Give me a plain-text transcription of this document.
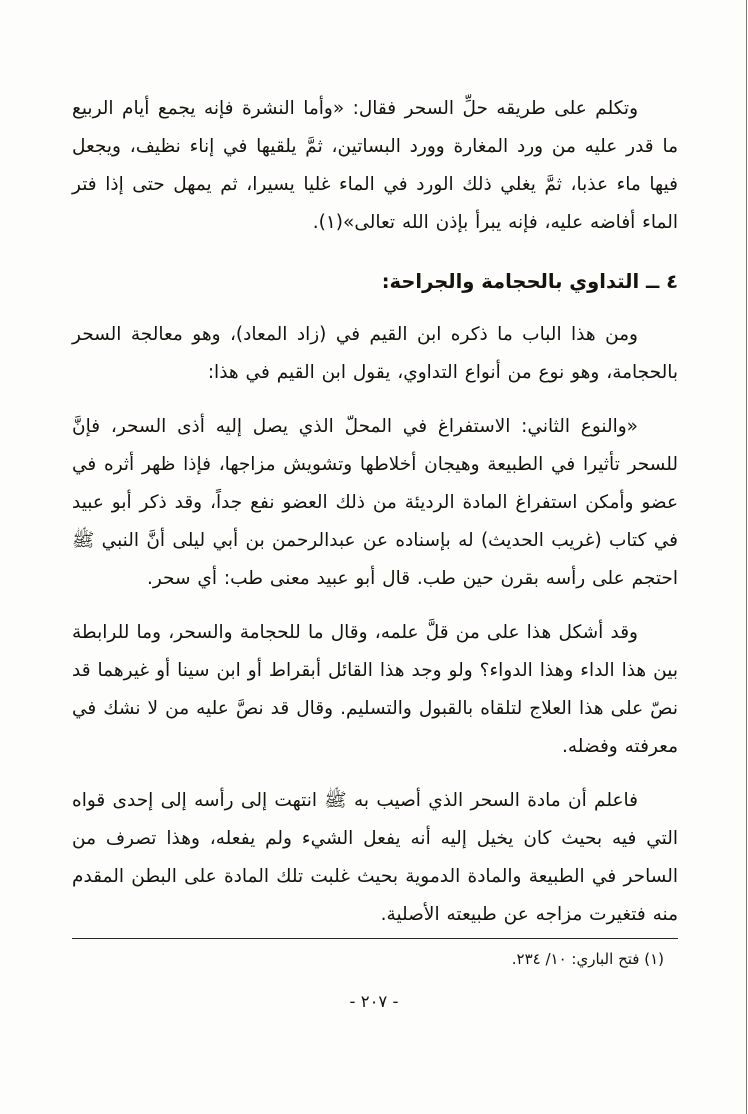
وتكلم على طريقه حلِّ السحر فقال: «وأما النشرة فإنه يجمع أيام الربيع ما قدر عليه من ورد المغارة وورد البساتين، ثمَّ يلقيها في إناء نظيف، ويجعل فيها ماء عذبا، ثمَّ يغلي ذلك الورد في الماء غليا يسيرا، ثم يمهل حتى إذا فتر الماء أفاضه عليه، فإنه يبرأ بإذن الله تعالى»(١).

٤ ــ التداوي بالحجامة والجراحة:

ومن هذا الباب ما ذكره ابن القيم في (زاد المعاد)، وهو معالجة السحر بالحجامة، وهو نوع من أنواع التداوي، يقول ابن القيم في هذا:

«والنوع الثاني: الاستفراغ في المحلّ الذي يصل إليه أذى السحر، فإنَّ للسحر تأثيرا في الطبيعة وهيجان أخلاطها وتشويش مزاجها، فإذا ظهر أثره في عضو وأمكن استفراغ المادة الرديئة من ذلك العضو نفع جداً، وقد ذكر أبو عبيد في كتاب (غريب الحديث) له بإسناده عن عبدالرحمن بن أبي ليلى أنَّ النبي ﷺ احتجم على رأسه بقرن حين طب. قال أبو عبيد معنى طب: أي سحر.

وقد أشكل هذا على من قلَّ علمه، وقال ما للحجامة والسحر، وما للرابطة بين هذا الداء وهذا الدواء؟ ولو وجد هذا القائل أبقراط أو ابن سينا أو غيرهما قد نصّ على هذا العلاج لتلقاه بالقبول والتسليم. وقال قد نصَّ عليه من لا نشك في معرفته وفضله.

فاعلم أن مادة السحر الذي أصيب به ﷺ انتهت إلى رأسه إلى إحدى قواه التي فيه بحيث كان يخيل إليه أنه يفعل الشيء ولم يفعله، وهذا تصرف من الساحر في الطبيعة والمادة الدموية بحيث غلبت تلك المادة على البطن المقدم منه فتغيرت مزاجه عن طبيعته الأصلية.

(١) فتح الباري: ١٠/ ٢٣٤.

- ٢٠٧ -
